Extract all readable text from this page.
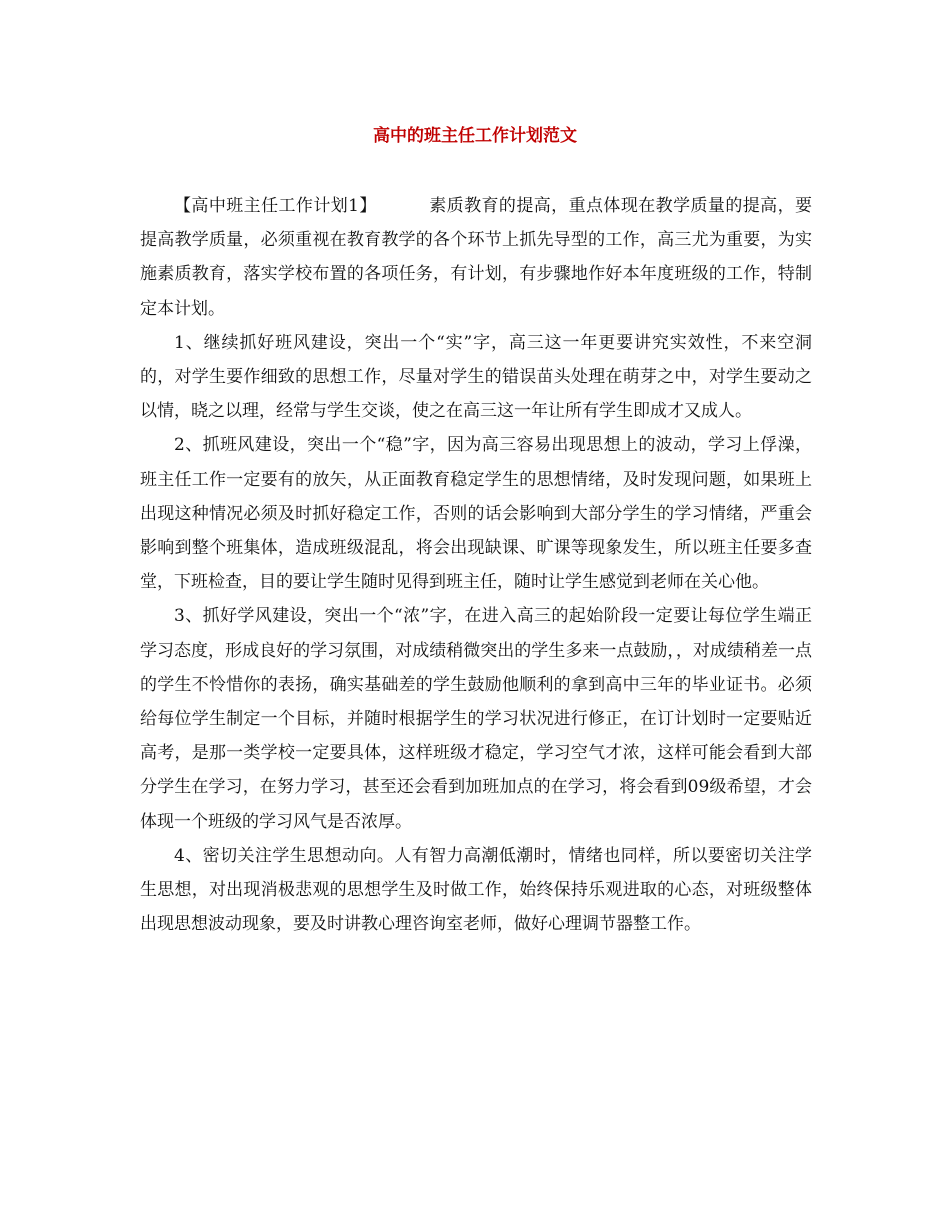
高中的班主任工作计划范文

【高中班主任工作计划1】	素质教育的提高，重点体现在教学质量的提高，要提高教学质量，必须重视在教育教学的各个环节上抓先导型的工作，高三尤为重要，为实施素质教育，落实学校布置的各项任务，有计划，有步骤地作好本年度班级的工作，特制定本计划。

1、继续抓好班风建设，突出一个“实”字，高三这一年更要讲究实效性，不来空洞的，对学生要作细致的思想工作，尽量对学生的错误苗头处理在萌芽之中，对学生要动之以情，晓之以理，经常与学生交谈，使之在高三这一年让所有学生即成才又成人。

2、抓班风建设，突出一个“稳”字，因为高三容易出现思想上的波动，学习上俘澡，班主任工作一定要有的放矢，从正面教育稳定学生的思想情绪，及时发现问题，如果班上出现这种情况必须及时抓好稳定工作，否则的话会影响到大部分学生的学习情绪，严重会影响到整个班集体，造成班级混乱，将会出现缺课、旷课等现象发生，所以班主任要多查堂，下班检查，目的要让学生随时见得到班主任，随时让学生感觉到老师在关心他。

3、抓好学风建设，突出一个“浓”字，在进入高三的起始阶段一定要让每位学生端正学习态度，形成良好的学习氛围，对成绩稍微突出的学生多来一点鼓励，，对成绩稍差一点的学生不怜惜你的表扬，确实基础差的学生鼓励他顺利的拿到高中三年的毕业证书。必须给每位学生制定一个目标，并随时根据学生的学习状况进行修正，在订计划时一定要贴近高考，是那一类学校一定要具体，这样班级才稳定，学习空气才浓，这样可能会看到大部分学生在学习，在努力学习，甚至还会看到加班加点的在学习，将会看到09级希望，才会体现一个班级的学习风气是否浓厚。

4、密切关注学生思想动向。人有智力高潮低潮时，情绪也同样，所以要密切关注学生思想，对出现消极悲观的思想学生及时做工作，始终保持乐观进取的心态，对班级整体出现思想波动现象，要及时讲教心理咨询室老师，做好心理调节器整工作。
